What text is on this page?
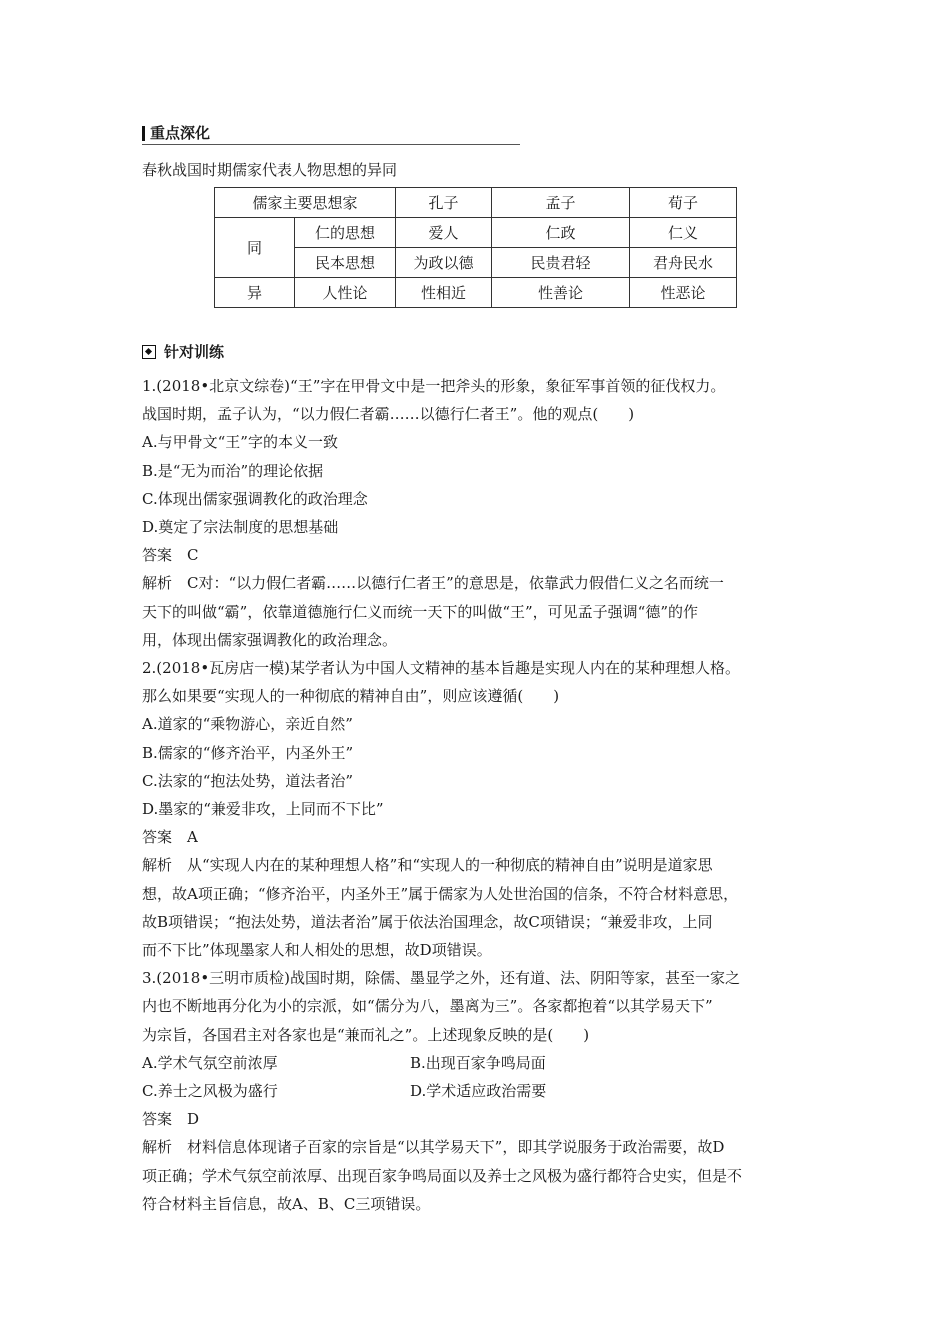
重点深化
春秋战国时期儒家代表人物思想的异同
儒家主要思想家		孔子	孟子	荀子
同	仁的思想	爱人	仁政	仁义
	民本思想	为政以德	民贵君轻	君舟民水
异	人性论	性相近	性善论	性恶论
针对训练

1.(2018•北京文综卷)“王”字在甲骨文中是一把斧头的形象，象征军事首领的征伐权力。

战国时期，孟子认为，“以力假仁者霸……以德行仁者王”。他的观点(　　)

A.与甲骨文“王”字的本义一致

B.是“无为而治”的理论依据

C.体现出儒家强调教化的政治理念

D.奠定了宗法制度的思想基础

答案　C

解析　C对：“以力假仁者霸……以德行仁者王”的意思是，依靠武力假借仁义之名而统一

天下的叫做“霸”，依靠道德施行仁义而统一天下的叫做“王”，可见孟子强调“德”的作

用，体现出儒家强调教化的政治理念。

2.(2018•瓦房店一模)某学者认为中国人文精神的基本旨趣是实现人内在的某种理想人格。

那么如果要“实现人的一种彻底的精神自由”，则应该遵循(　　)

A.道家的“乘物游心，亲近自然”

B.儒家的“修齐治平，内圣外王”

C.法家的“抱法处势，道法者治”

D.墨家的“兼爱非攻，上同而不下比”

答案　A

解析　从“实现人内在的某种理想人格”和“实现人的一种彻底的精神自由”说明是道家思

想，故A项正确；“修齐治平，内圣外王”属于儒家为人处世治国的信条，不符合材料意思，

故B项错误；“抱法处势，道法者治”属于依法治国理念，故C项错误；“兼爱非攻，上同

而不下比”体现墨家人和人相处的思想，故D项错误。

3.(2018•三明市质检)战国时期，除儒、墨显学之外，还有道、法、阴阳等家，甚至一家之

内也不断地再分化为小的宗派，如“儒分为八，墨离为三”。各家都抱着“以其学易天下”

为宗旨，各国君主对各家也是“兼而礼之”。上述现象反映的是(　　)

A.学术气氛空前浓厚	B.出现百家争鸣局面
C.养士之风极为盛行	D.学术适应政治需要

答案　D

解析　材料信息体现诸子百家的宗旨是“以其学易天下”，即其学说服务于政治需要，故D

项正确；学术气氛空前浓厚、出现百家争鸣局面以及养士之风极为盛行都符合史实，但是不

符合材料主旨信息，故A、B、C三项错误。
